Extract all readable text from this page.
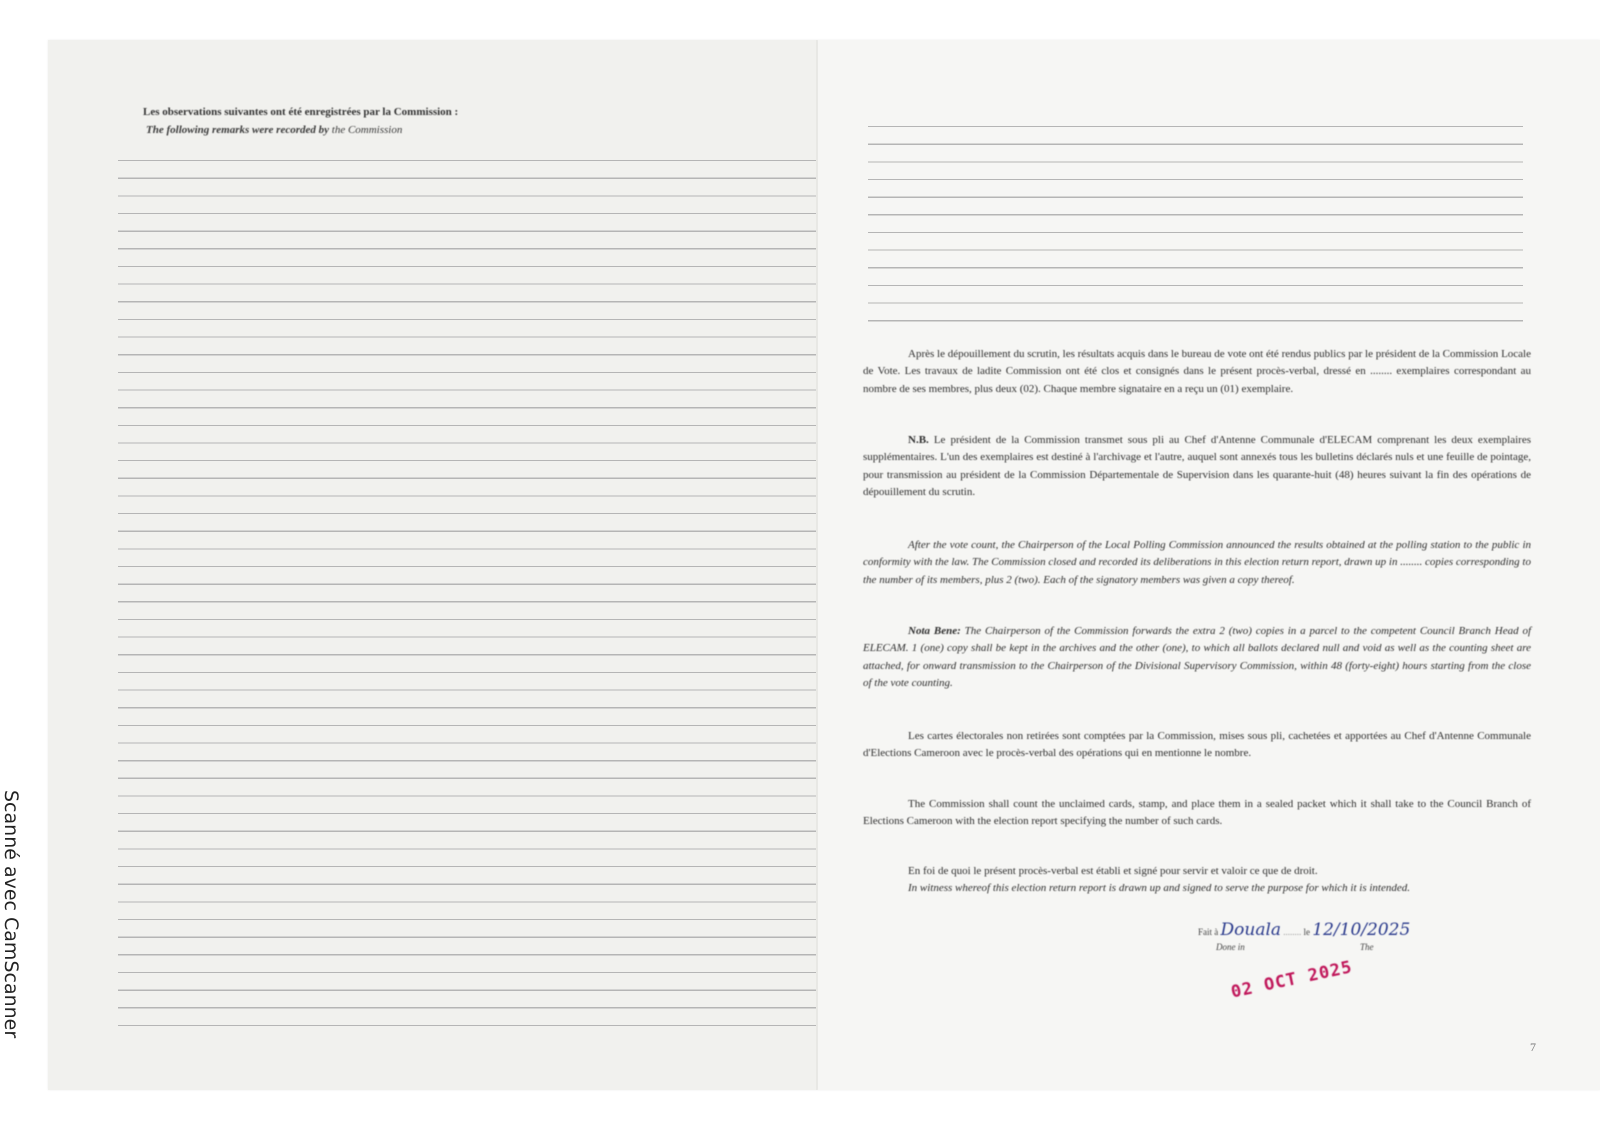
Les observations suivantes ont été enregistrées par la Commission :
The following remarks were recorded by the Commission
Après le dépouillement du scrutin, les résultats acquis dans le bureau de vote ont été rendus publics par le président de la Commission Locale de Vote. Les travaux de ladite Commission ont été clos et consignés dans le présent procès-verbal, dressé en ........ exemplaires correspondant au nombre de ses membres, plus deux (02). Chaque membre signataire en a reçu un (01) exemplaire.
N.B. Le président de la Commission transmet sous pli au Chef d'Antenne Communale d'ELECAM comprenant les deux exemplaires supplémentaires. L'un des exemplaires est destiné à l'archivage et l'autre, auquel sont annexés tous les bulletins déclarés nuls et une feuille de pointage, pour transmission au président de la Commission Départementale de Supervision dans les quarante-huit (48) heures suivant la fin des opérations de dépouillement du scrutin.
After the vote count, the Chairperson of the Local Polling Commission announced the results obtained at the polling station to the public in conformity with the law. The Commission closed and recorded its deliberations in this election return report, drawn up in ........ copies corresponding to the number of its members, plus 2 (two). Each of the signatory members was given a copy thereof.
Nota Bene: The Chairperson of the Commission forwards the extra 2 (two) copies in a parcel to the competent Council Branch Head of ELECAM. 1 (one) copy shall be kept in the archives and the other (one), to which all ballots declared null and void as well as the counting sheet are attached, for onward transmission to the Chairperson of the Divisional Supervisory Commission, within 48 (forty-eight) hours starting from the close of the vote counting.
Les cartes électorales non retirées sont comptées par la Commission, mises sous pli, cachetées et apportées au Chef d'Antenne Communale d'Elections Cameroon avec le procès-verbal des opérations qui en mentionne le nombre.
The Commission shall count the unclaimed cards, stamp, and place them in a sealed packet which it shall take to the Council Branch of Elections Cameroon with the election report specifying the number of such cards.
En foi de quoi le présent procès-verbal est établi et signé pour servir et valoir ce que de droit.
In witness whereof this election return report is drawn up and signed to serve the purpose for which it is intended.
Fait à Douala ........ le 12/10/2025
Done in	The
02 OCT 2025
7
Scanné avec CamScanner
